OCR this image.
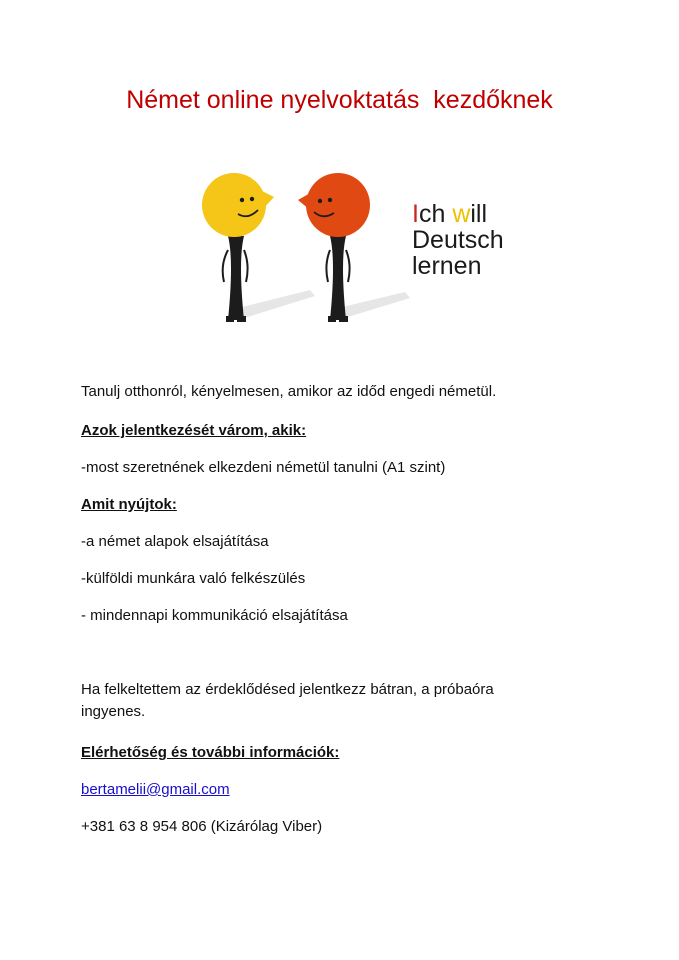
Német online nyelvoktatás  kezdőknek
Ich will
Deutsch
lernen

Tanulj otthonról, kényelmesen, amikor az időd engedi németül.

Azok jelentkezését várom, akik:

-most szeretnének elkezdeni németül tanulni (A1 szint)

Amit nyújtok:

-a német alapok elsajátítása

-külföldi munkára való felkészülés

- mindennapi kommunikáció elsajátítása

Ha felkeltettem az érdeklődésed jelentkezz bátran, a próbaóra ingyenes.

Elérhetőség és további információk:

bertamelii@gmail.com

+381 63 8 954 806 (Kizárólag Viber)
